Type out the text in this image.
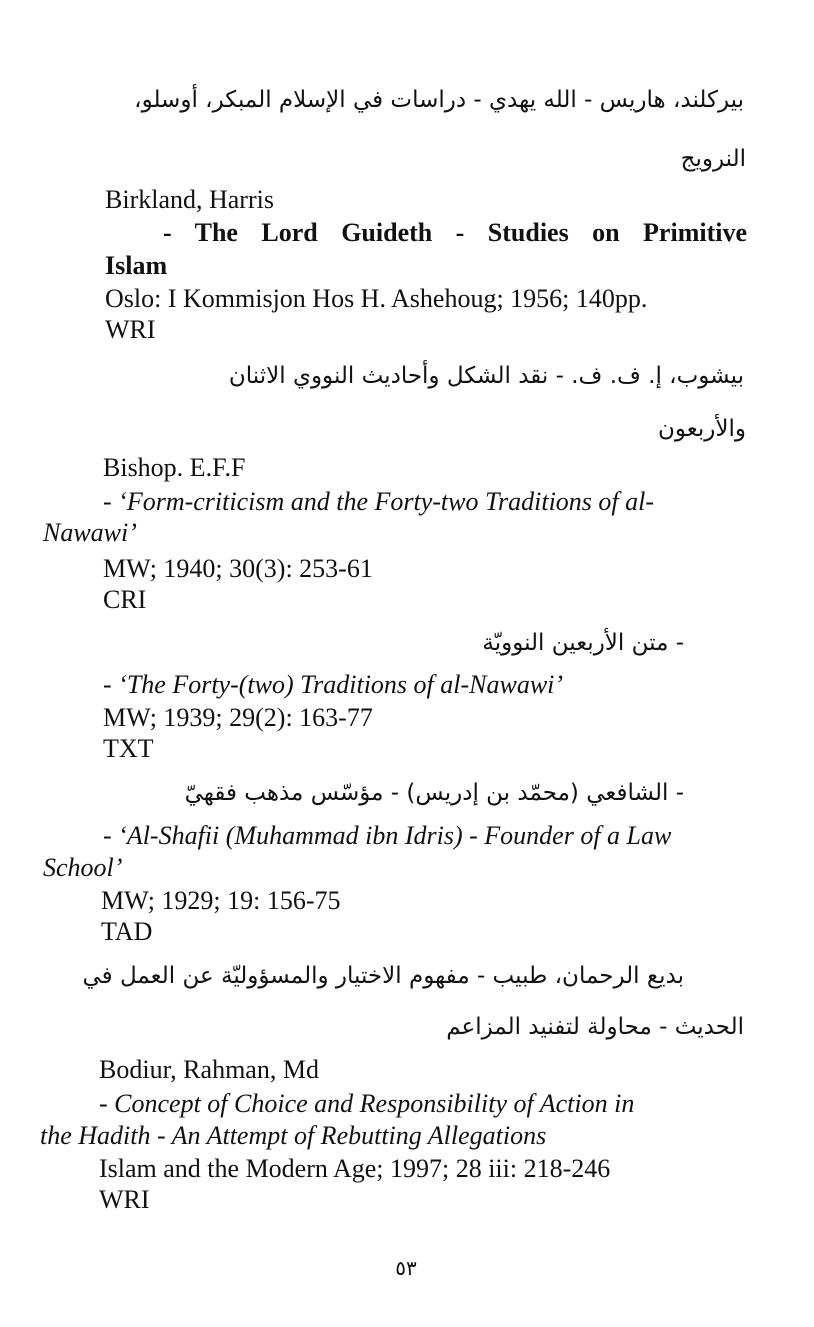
بيركلند، هاريس - الله يهدي - دراسات في الإسلام المبكر، أوسلو،
النرويج
Birkland, Harris
- The Lord Guideth - Studies on Primitive
Islam
Oslo: I Kommisjon Hos H. Ashehoug; 1956; 140pp.
WRI
بيشوب، إ. ف. ف. - نقد الشكل وأحاديث النووي الاثنان
والأربعون
Bishop. E.F.F
- ‘Form-criticism and the Forty-two Traditions of al-
Nawawi’
MW; 1940; 30(3): 253-61
CRI
- متن الأربعين النوويّة
- ‘The Forty-(two) Traditions of al-Nawawi’
MW; 1939; 29(2): 163-77
TXT
- الشافعي (محمّد بن إدريس) - مؤسّس مذهب فقهيّ
- ‘Al-Shafii (Muhammad ibn Idris) - Founder of a Law
School’
MW; 1929; 19: 156-75
TAD
بديع الرحمان، طبيب - مفهوم الاختيار والمسؤوليّة عن العمل في
الحديث - محاولة لتفنيد المزاعم
Bodiur, Rahman, Md
- Concept of Choice and Responsibility of Action in
the Hadith - An Attempt of Rebutting Allegations
Islam and the Modern Age; 1997; 28 iii: 218-246
WRI
٥٣
